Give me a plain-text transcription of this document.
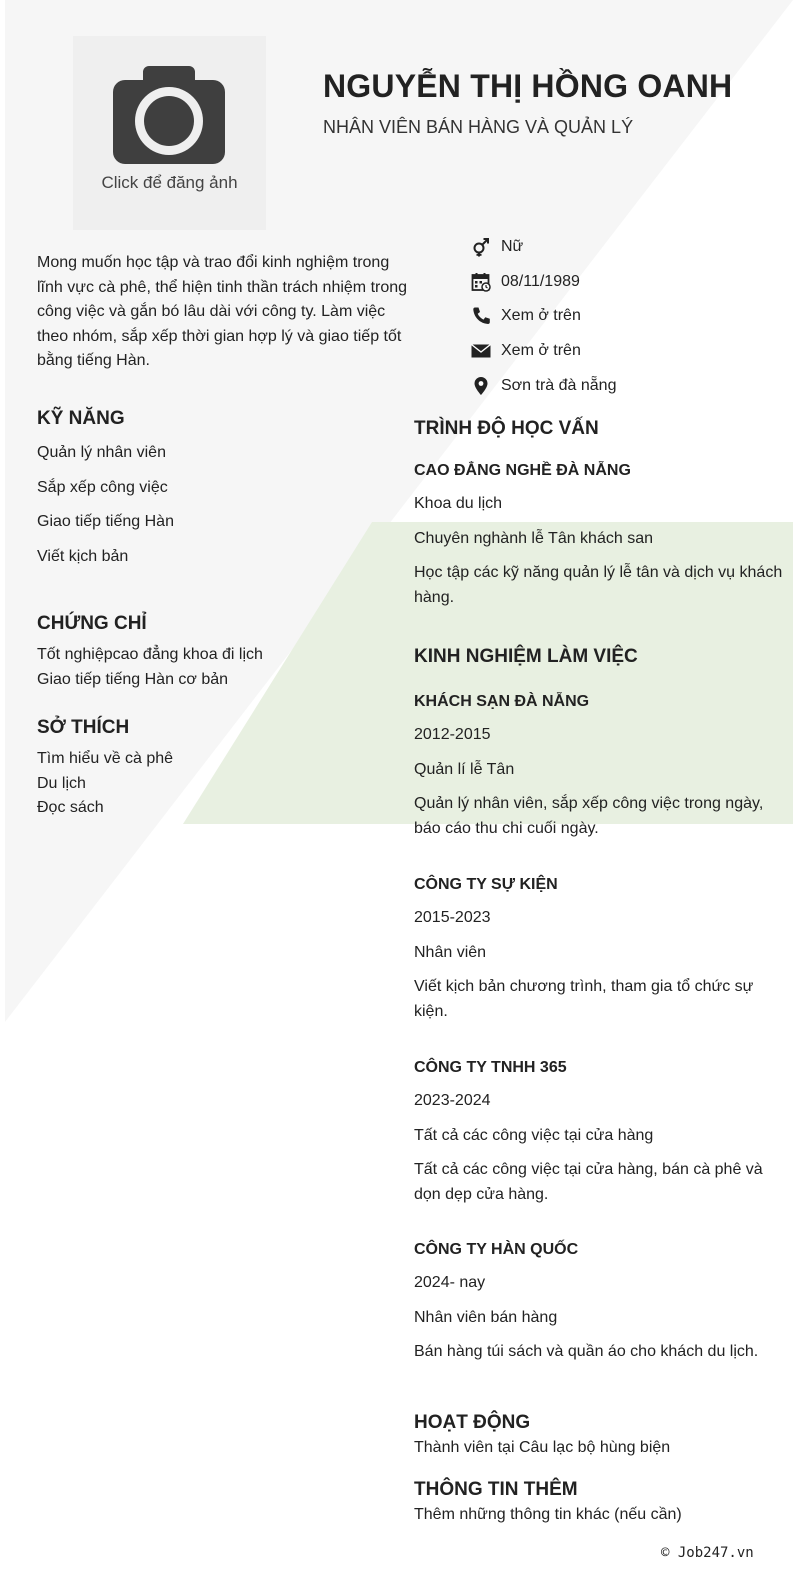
Click để đăng ảnh
NGUYỄN THỊ HỒNG OANH
NHÂN VIÊN BÁN HÀNG VÀ QUẢN LÝ
Nữ
08/11/1989
Xem ở trên
Xem ở trên
Sơn trà đà nẵng
Mong muốn học tập và trao đổi kinh nghiệm trong lĩnh vực cà phê, thể hiện tinh thần trách nhiệm trong công việc và gắn bó lâu dài với công ty. Làm việc theo nhóm, sắp xếp thời gian hợp lý và giao tiếp tốt bằng tiếng Hàn.
KỸ NĂNG
Quản lý nhân viên
Sắp xếp công việc
Giao tiếp tiếng Hàn
Viết kịch bản
CHỨNG CHỈ
Tốt nghiệpcao đẳng khoa đi lịch
Giao tiếp tiếng Hàn cơ bản
SỞ THÍCH
Tìm hiểu về cà phê
Du lịch
Đọc sách
TRÌNH ĐỘ HỌC VẤN
CAO ĐẲNG NGHỀ ĐÀ NẴNG
Khoa du lịch
Chuyên nghành lễ Tân khách san
Học tập các kỹ năng quản lý lễ tân và dịch vụ khách hàng.
KINH NGHIỆM LÀM VIỆC
KHÁCH SẠN ĐÀ NẴNG
2012-2015
Quản lí lễ Tân
Quản lý nhân viên, sắp xếp công việc trong ngày, báo cáo thu chi cuối ngày.
CÔNG TY SỰ KIỆN
2015-2023
Nhân viên
Viết kịch bản chương trình, tham gia tổ chức sự kiện.
CÔNG TY TNHH 365
2023-2024
Tất cả các công việc tại cửa hàng
Tất cả các công việc tại cửa hàng, bán cà phê và dọn dẹp cửa hàng.
CÔNG TY HÀN QUỐC
2024- nay
Nhân viên bán hàng
Bán hàng túi sách và quần áo cho khách du lịch.
HOẠT ĐỘNG
Thành viên tại Câu lạc bộ hùng biện
THÔNG TIN THÊM
Thêm những thông tin khác (nếu cần)
© Job247.vn
